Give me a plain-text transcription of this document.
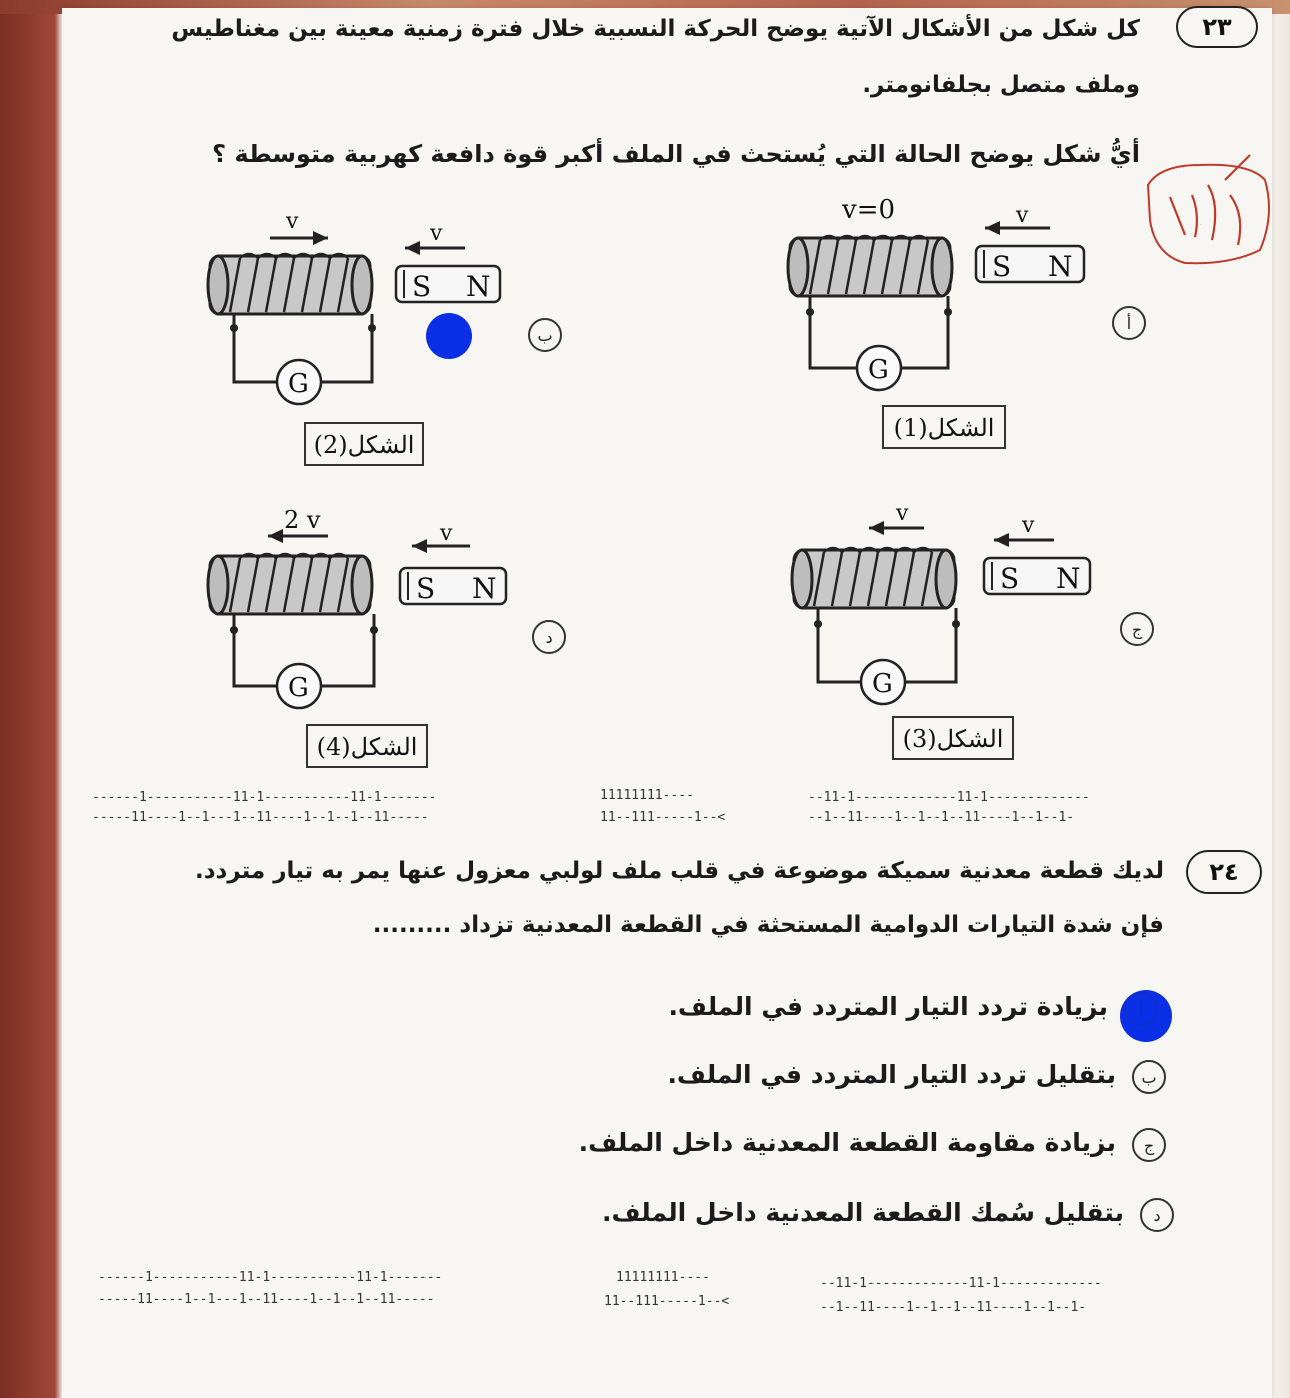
٢٣
كل شكل من الأشكال الآتية يوضح الحركة النسبية خلال فترة زمنية معينة بين مغناطيس
وملف متصل بجلفانومتر.
أيُّ شكل يوضح الحالة التي يُستحث في الملف أكبر قوة دافعة كهربية متوسطة ؟
١٣
v=0
G
v
S N
الشكل(1)
أ
v
G
v
S N
الشكل(2)
ب
v
G
v
S N
الشكل(3)
ج
2 v
G
v
S N
الشكل(4)
د
------1-----------11-1-----------11-1-------
-----11----1--1---1--11----1--1--1--11-----
11111111----
11--111-----1--<
--11-1-------------11-1-------------
--1--11----1--1--1--11----1--1--1-
٢٤
لديك قطعة معدنية سميكة موضوعة في قلب ملف لولبي معزول عنها يمر به تيار متردد.
فإن شدة التيارات الدوامية المستحثة في القطعة المعدنية تزداد .........
أ
بزيادة تردد التيار المتردد في الملف.
ب
بتقليل تردد التيار المتردد في الملف.
ج
بزيادة مقاومة القطعة المعدنية داخل الملف.
د
بتقليل سُمك القطعة المعدنية داخل الملف.
------1-----------11-1-----------11-1-------
-----11----1--1---1--11----1--1--1--11-----
11111111----
11--111-----1--<
--11-1-------------11-1-------------
--1--11----1--1--1--11----1--1--1-
